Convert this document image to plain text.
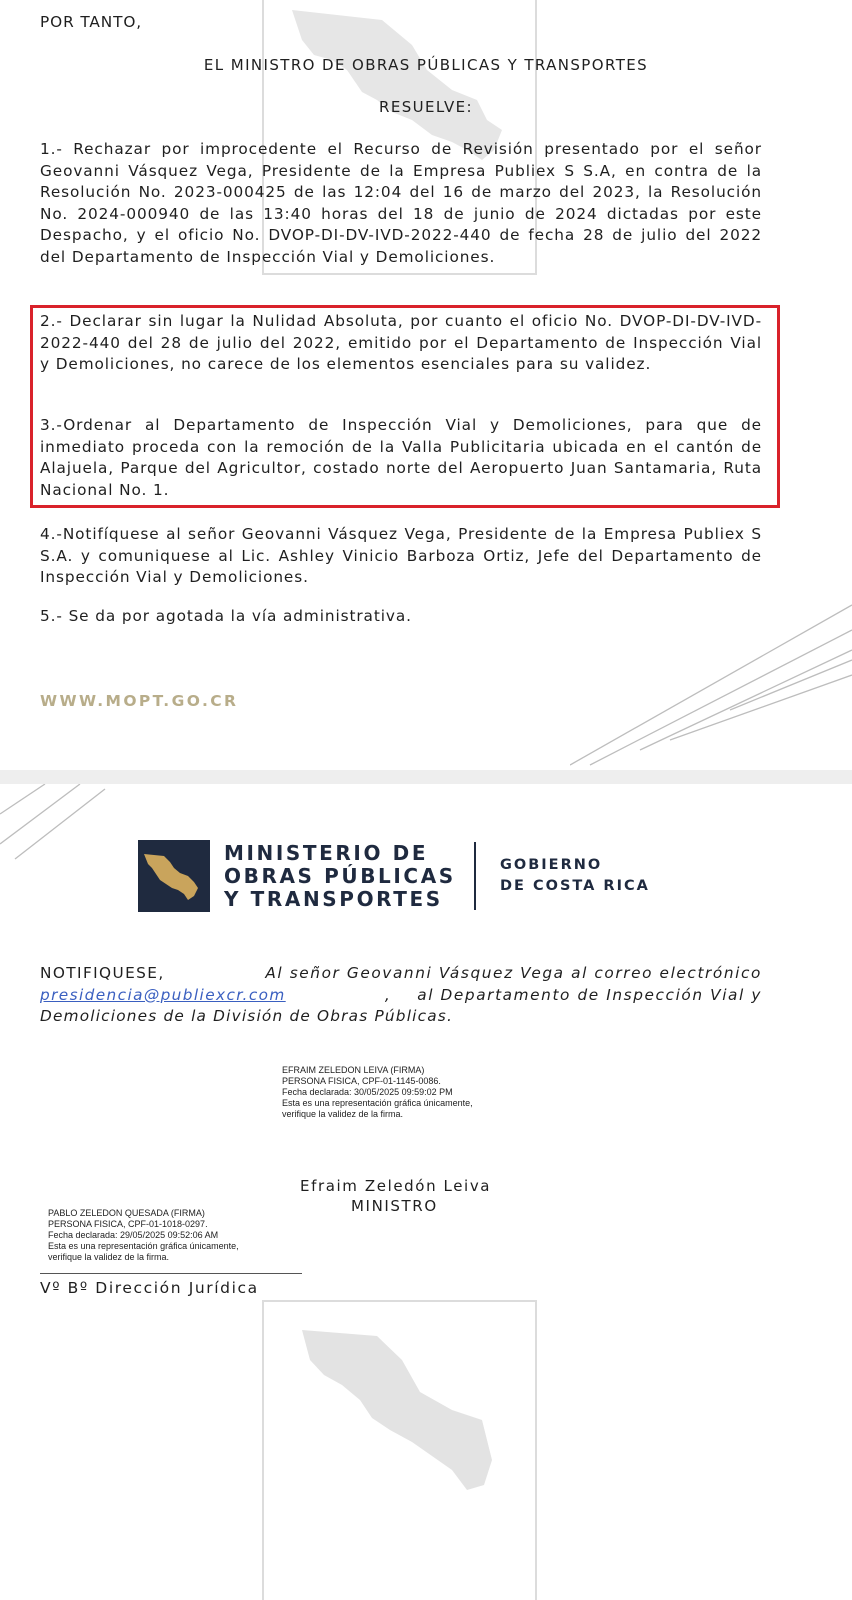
POR TANTO,
EL MINISTRO DE OBRAS PÚBLICAS Y TRANSPORTES
RESUELVE:

1.- Rechazar por improcedente el Recurso de Revisión presentado por el señor Geovanni Vásquez Vega, Presidente de la Empresa Publiex S S.A, en contra de la Resolución No. 2023-000425 de las 12:04 del 16 de marzo del 2023, la Resolución No. 2024-000940 de las 13:40 horas del 18 de junio de 2024 dictadas por este Despacho, y el oficio No. DVOP-DI-DV-IVD-2022-440 de fecha 28 de julio del 2022 del Departamento de Inspección Vial y Demoliciones.

2.- Declarar sin lugar la Nulidad Absoluta, por cuanto el oficio No. DVOP-DI-DV-IVD-2022-440 del 28 de julio del 2022, emitido por el Departamento de Inspección Vial y Demoliciones, no carece de los elementos esenciales para su validez.

3.-Ordenar al Departamento de Inspección Vial y Demoliciones, para que de inmediato proceda con la remoción de la Valla Publicitaria ubicada en el cantón de Alajuela, Parque del Agricultor, costado norte del Aeropuerto Juan Santamaria, Ruta Nacional No. 1.

4.-Notifíquese al señor Geovanni Vásquez Vega, Presidente de la Empresa Publiex S S.A. y comuniquese al Lic. Ashley Vinicio Barboza Ortiz, Jefe del Departamento de Inspección Vial y Demoliciones.

5.- Se da por agotada la vía administrativa.

WWW.MOPT.GO.CR
MINISTERIO DE
OBRAS PÚBLICAS
Y TRANSPORTES
GOBIERNO
DE COSTA RICA
NOTIFIQUESE,	Al señor Geovanni Vásquez Vega al correo electrónico
presidencia@publiexcr.com	,    al Departamento de Inspección Vial y
Demoliciones de la División de Obras Públicas.
EFRAIM ZELEDON LEIVA (FIRMA)
PERSONA FISICA, CPF-01-1145-0086.
Fecha declarada: 30/05/2025 09:59:02 PM
Esta es una representación gráfica únicamente,
verifique la validez de la firma.
Efraim Zeledón Leiva
MINISTRO
PABLO ZELEDON QUESADA (FIRMA)
PERSONA FISICA, CPF-01-1018-0297.
Fecha declarada: 29/05/2025 09:52:06 AM
Esta es una representación gráfica únicamente,
verifique la validez de la firma.
Vº Bº Dirección Jurídica
